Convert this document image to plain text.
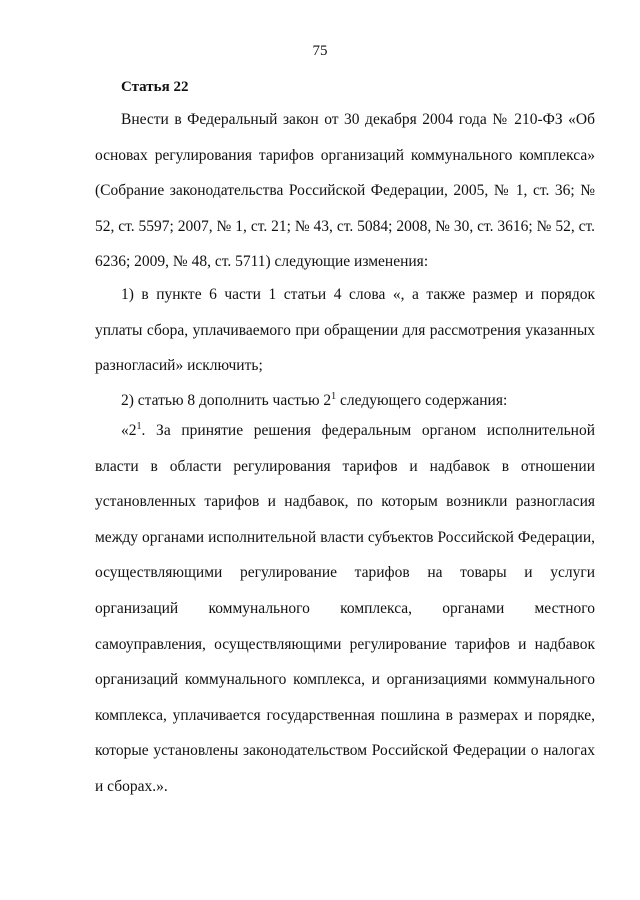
75
Статья 22

Внести в Федеральный закон от 30 декабря 2004 года № 210-ФЗ «Об основах регулирования тарифов организаций коммунального комплекса» (Собрание законодательства Российской Федерации, 2005, № 1, ст. 36; № 52, ст. 5597; 2007, № 1, ст. 21; № 43, ст. 5084; 2008, № 30, ст. 3616; № 52, ст. 6236; 2009, № 48, ст. 5711) следующие изменения:

1) в пункте 6 части 1 статьи 4 слова «, а также размер и порядок уплаты сбора, уплачиваемого при обращении для рассмотрения указанных разногласий» исключить;

2) статью 8 дополнить частью $2^1$ следующего содержания:

«$2^1$. За принятие решения федеральным органом исполнительной власти в области регулирования тарифов и надбавок в отношении установленных тарифов и надбавок, по которым возникли разногласия между органами исполнительной власти субъектов Российской Федерации, осуществляющими регулирование тарифов на товары и услуги организаций коммунального комплекса, органами местного самоуправления, осуществляющими регулирование тарифов и надбавок организаций коммунального комплекса, и организациями коммунального комплекса, уплачивается государственная пошлина в размерах и порядке, которые установлены законодательством Российской Федерации о налогах и сборах.».
